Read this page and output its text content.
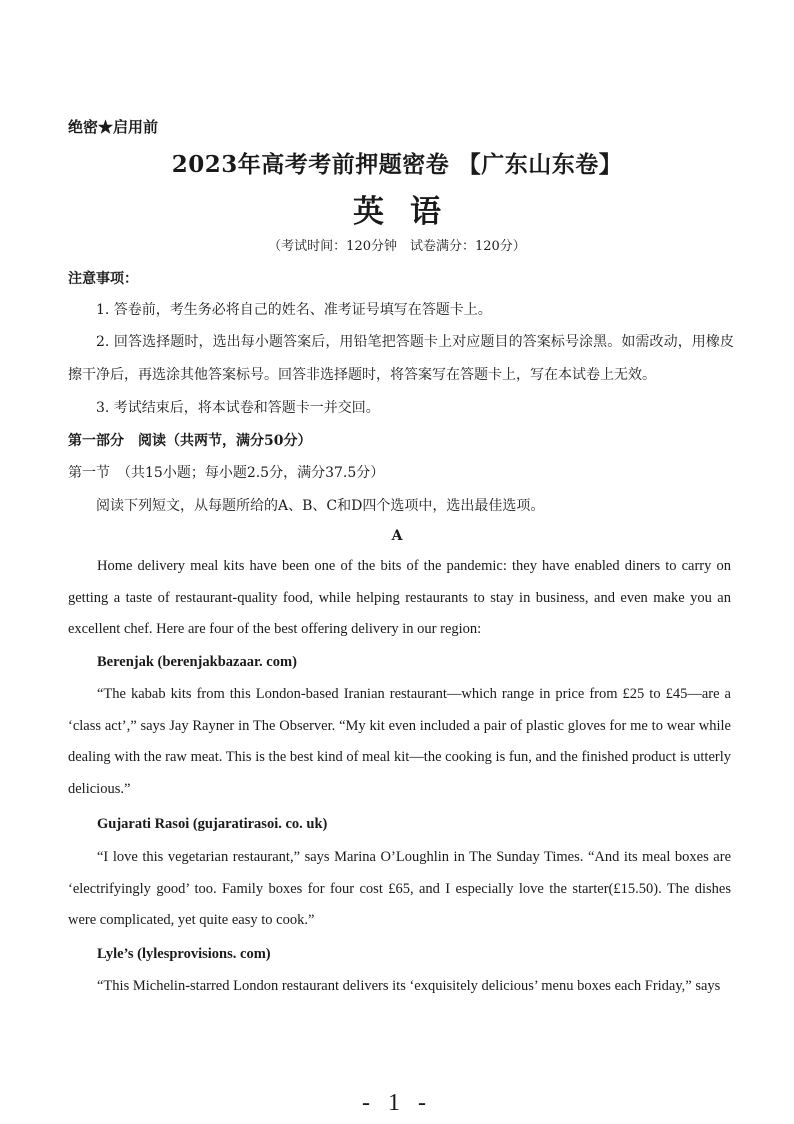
绝密★启用前
2023年高考考前押题密卷 【广东山东卷】
英语
（考试时间：120分钟　试卷满分：120分）
注意事项：
1. 答卷前，考生务必将自己的姓名、准考证号填写在答题卡上。
2. 回答选择题时，选出每小题答案后，用铅笔把答题卡上对应题目的答案标号涂黑。如需改动，用橡皮擦干净后，再选涂其他答案标号。回答非选择题时，将答案写在答题卡上，写在本试卷上无效。
3. 考试结束后，将本试卷和答题卡一并交回。
第一部分　阅读（共两节，满分50分）
第一节　（共15小题；每小题2.5分，满分37.5分）
阅读下列短文，从每题所给的A、B、C和D四个选项中，选出最佳选项。
A
Home delivery meal kits have been one of the bits of the pandemic: they have enabled diners to carry on getting a taste of restaurant-quality food, while helping restaurants to stay in business, and even make you an excellent chef. Here are four of the best offering delivery in our region:
Berenjak (berenjakbazaar. com)
“The kabab kits from this London-based Iranian restaurant—which range in price from £25 to £45—are a ‘class act’,” says Jay Rayner in The Observer. “My kit even included a pair of plastic gloves for me to wear while dealing with the raw meat. This is the best kind of meal kit—the cooking is fun, and the finished product is utterly delicious.”
Gujarati Rasoi (gujaratirasoi. co. uk)
“I love this vegetarian restaurant,” says Marina O’Loughlin in The Sunday Times. “And its meal boxes are ‘electrifyingly good’ too. Family boxes for four cost £65, and I especially love the starter(£15.50). The dishes were complicated, yet quite easy to cook.”
Lyle’s (lylesprovisions. com)
“This Michelin-starred London restaurant delivers its ‘exquisitely delicious’ menu boxes each Friday,” says
- 1 -
